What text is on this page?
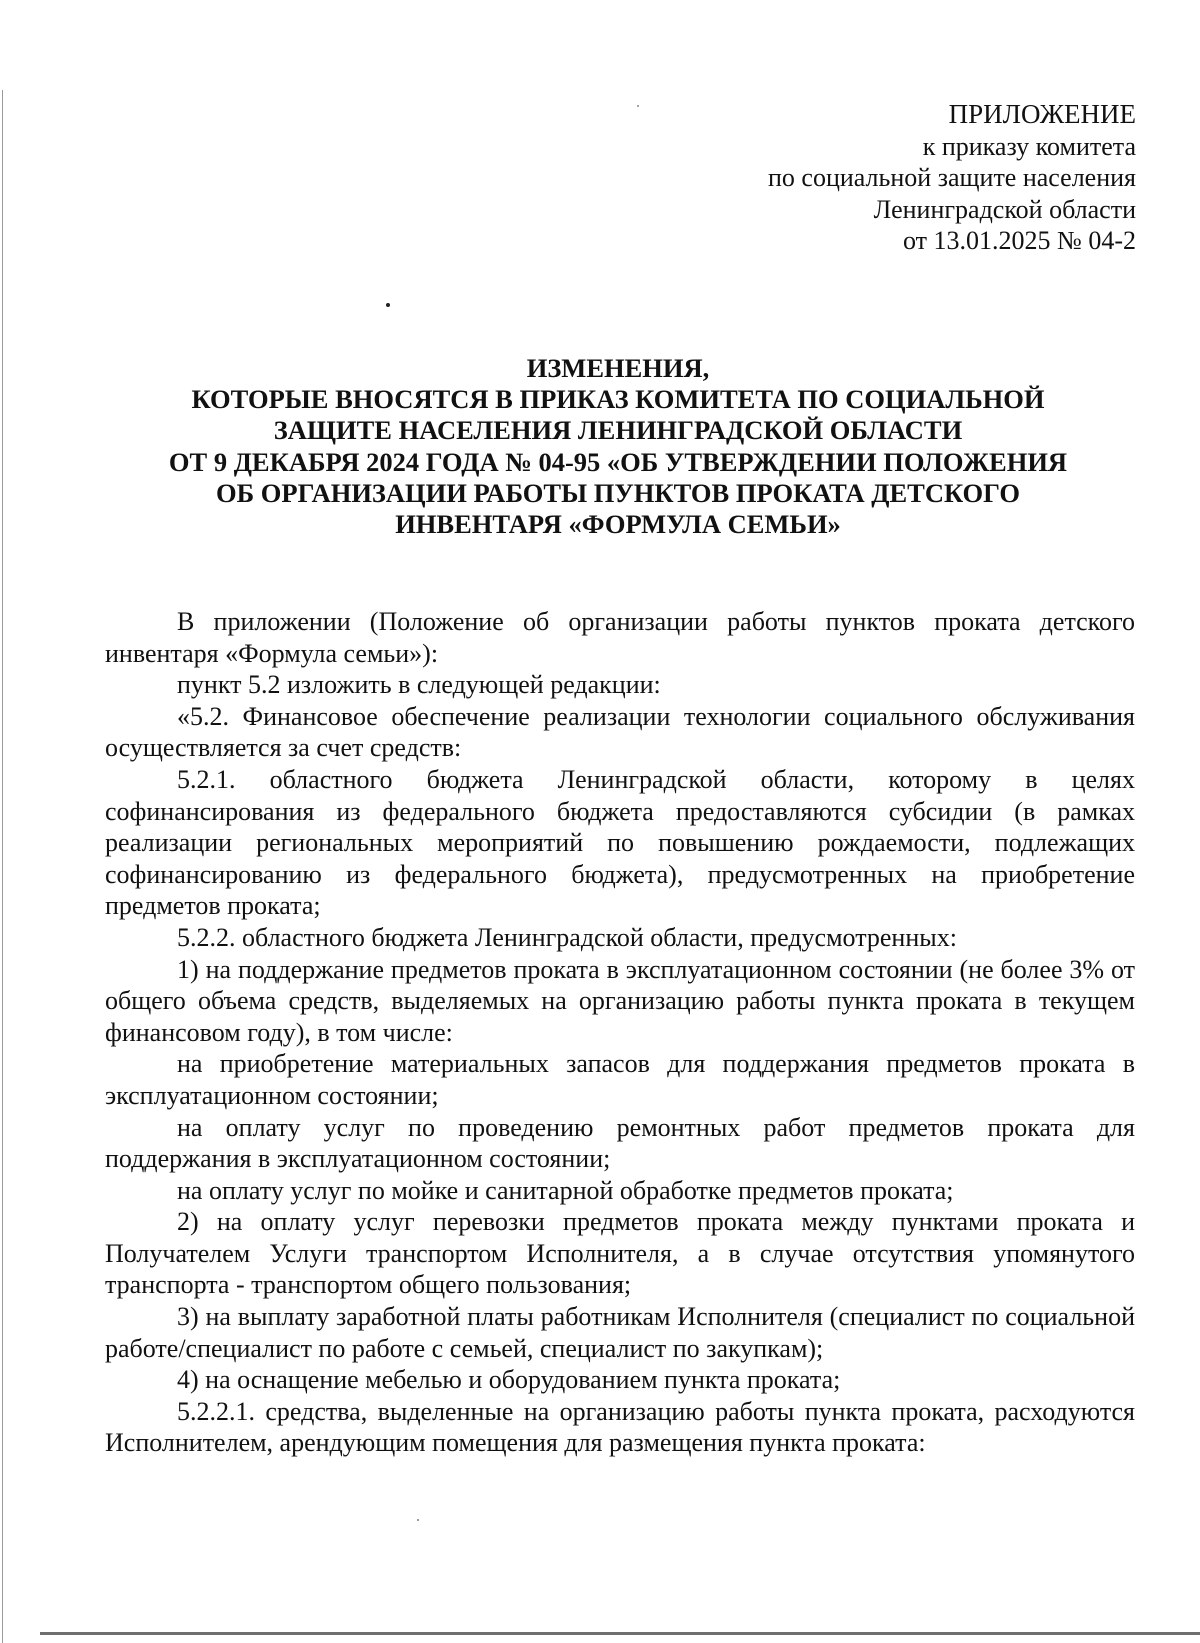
ПРИЛОЖЕНИЕ
к приказу комитета
по социальной защите населения
Ленинградской области
от 13.01.2025 № 04-2
ИЗМЕНЕНИЯ,
КОТОРЫЕ ВНОСЯТСЯ В ПРИКАЗ КОМИТЕТА ПО СОЦИАЛЬНОЙ
ЗАЩИТЕ НАСЕЛЕНИЯ ЛЕНИНГРАДСКОЙ ОБЛАСТИ
ОТ 9 ДЕКАБРЯ 2024 ГОДА № 04-95 «ОБ УТВЕРЖДЕНИИ ПОЛОЖЕНИЯ
ОБ ОРГАНИЗАЦИИ РАБОТЫ ПУНКТОВ ПРОКАТА ДЕТСКОГО
ИНВЕНТАРЯ «ФОРМУЛА СЕМЬИ»

В приложении (Положение об организации работы пунктов проката детского инвентаря «Формула семьи»):

пункт 5.2 изложить в следующей редакции:

«5.2. Финансовое обеспечение реализации технологии социального обслуживания осуществляется за счет средств:

5.2.1. областного бюджета Ленинградской области, которому в целях софинансирования из федерального бюджета предоставляются субсидии (в рамках реализации региональных мероприятий по повышению рождаемости, подлежащих софинансированию из федерального бюджета), предусмотренных на приобретение предметов проката;

5.2.2. областного бюджета Ленинградской области, предусмотренных:

1) на поддержание предметов проката в эксплуатационном состоянии (не более 3% от общего объема средств, выделяемых на организацию работы пункта проката в текущем финансовом году), в том числе:

на приобретение материальных запасов для поддержания предметов проката в эксплуатационном состоянии;

на оплату услуг по проведению ремонтных работ предметов проката для поддержания в эксплуатационном состоянии;

на оплату услуг по мойке и санитарной обработке предметов проката;

2) на оплату услуг перевозки предметов проката между пунктами проката и Получателем Услуги транспортом Исполнителя, а в случае отсутствия упомянутого транспорта - транспортом общего пользования;

3) на выплату заработной платы работникам Исполнителя (специалист по социальной работе/специалист по работе с семьей, специалист по закупкам);

4) на оснащение мебелью и оборудованием пункта проката;

5.2.2.1. средства, выделенные на организацию работы пункта проката, расходуются Исполнителем, арендующим помещения для размещения пункта проката:
